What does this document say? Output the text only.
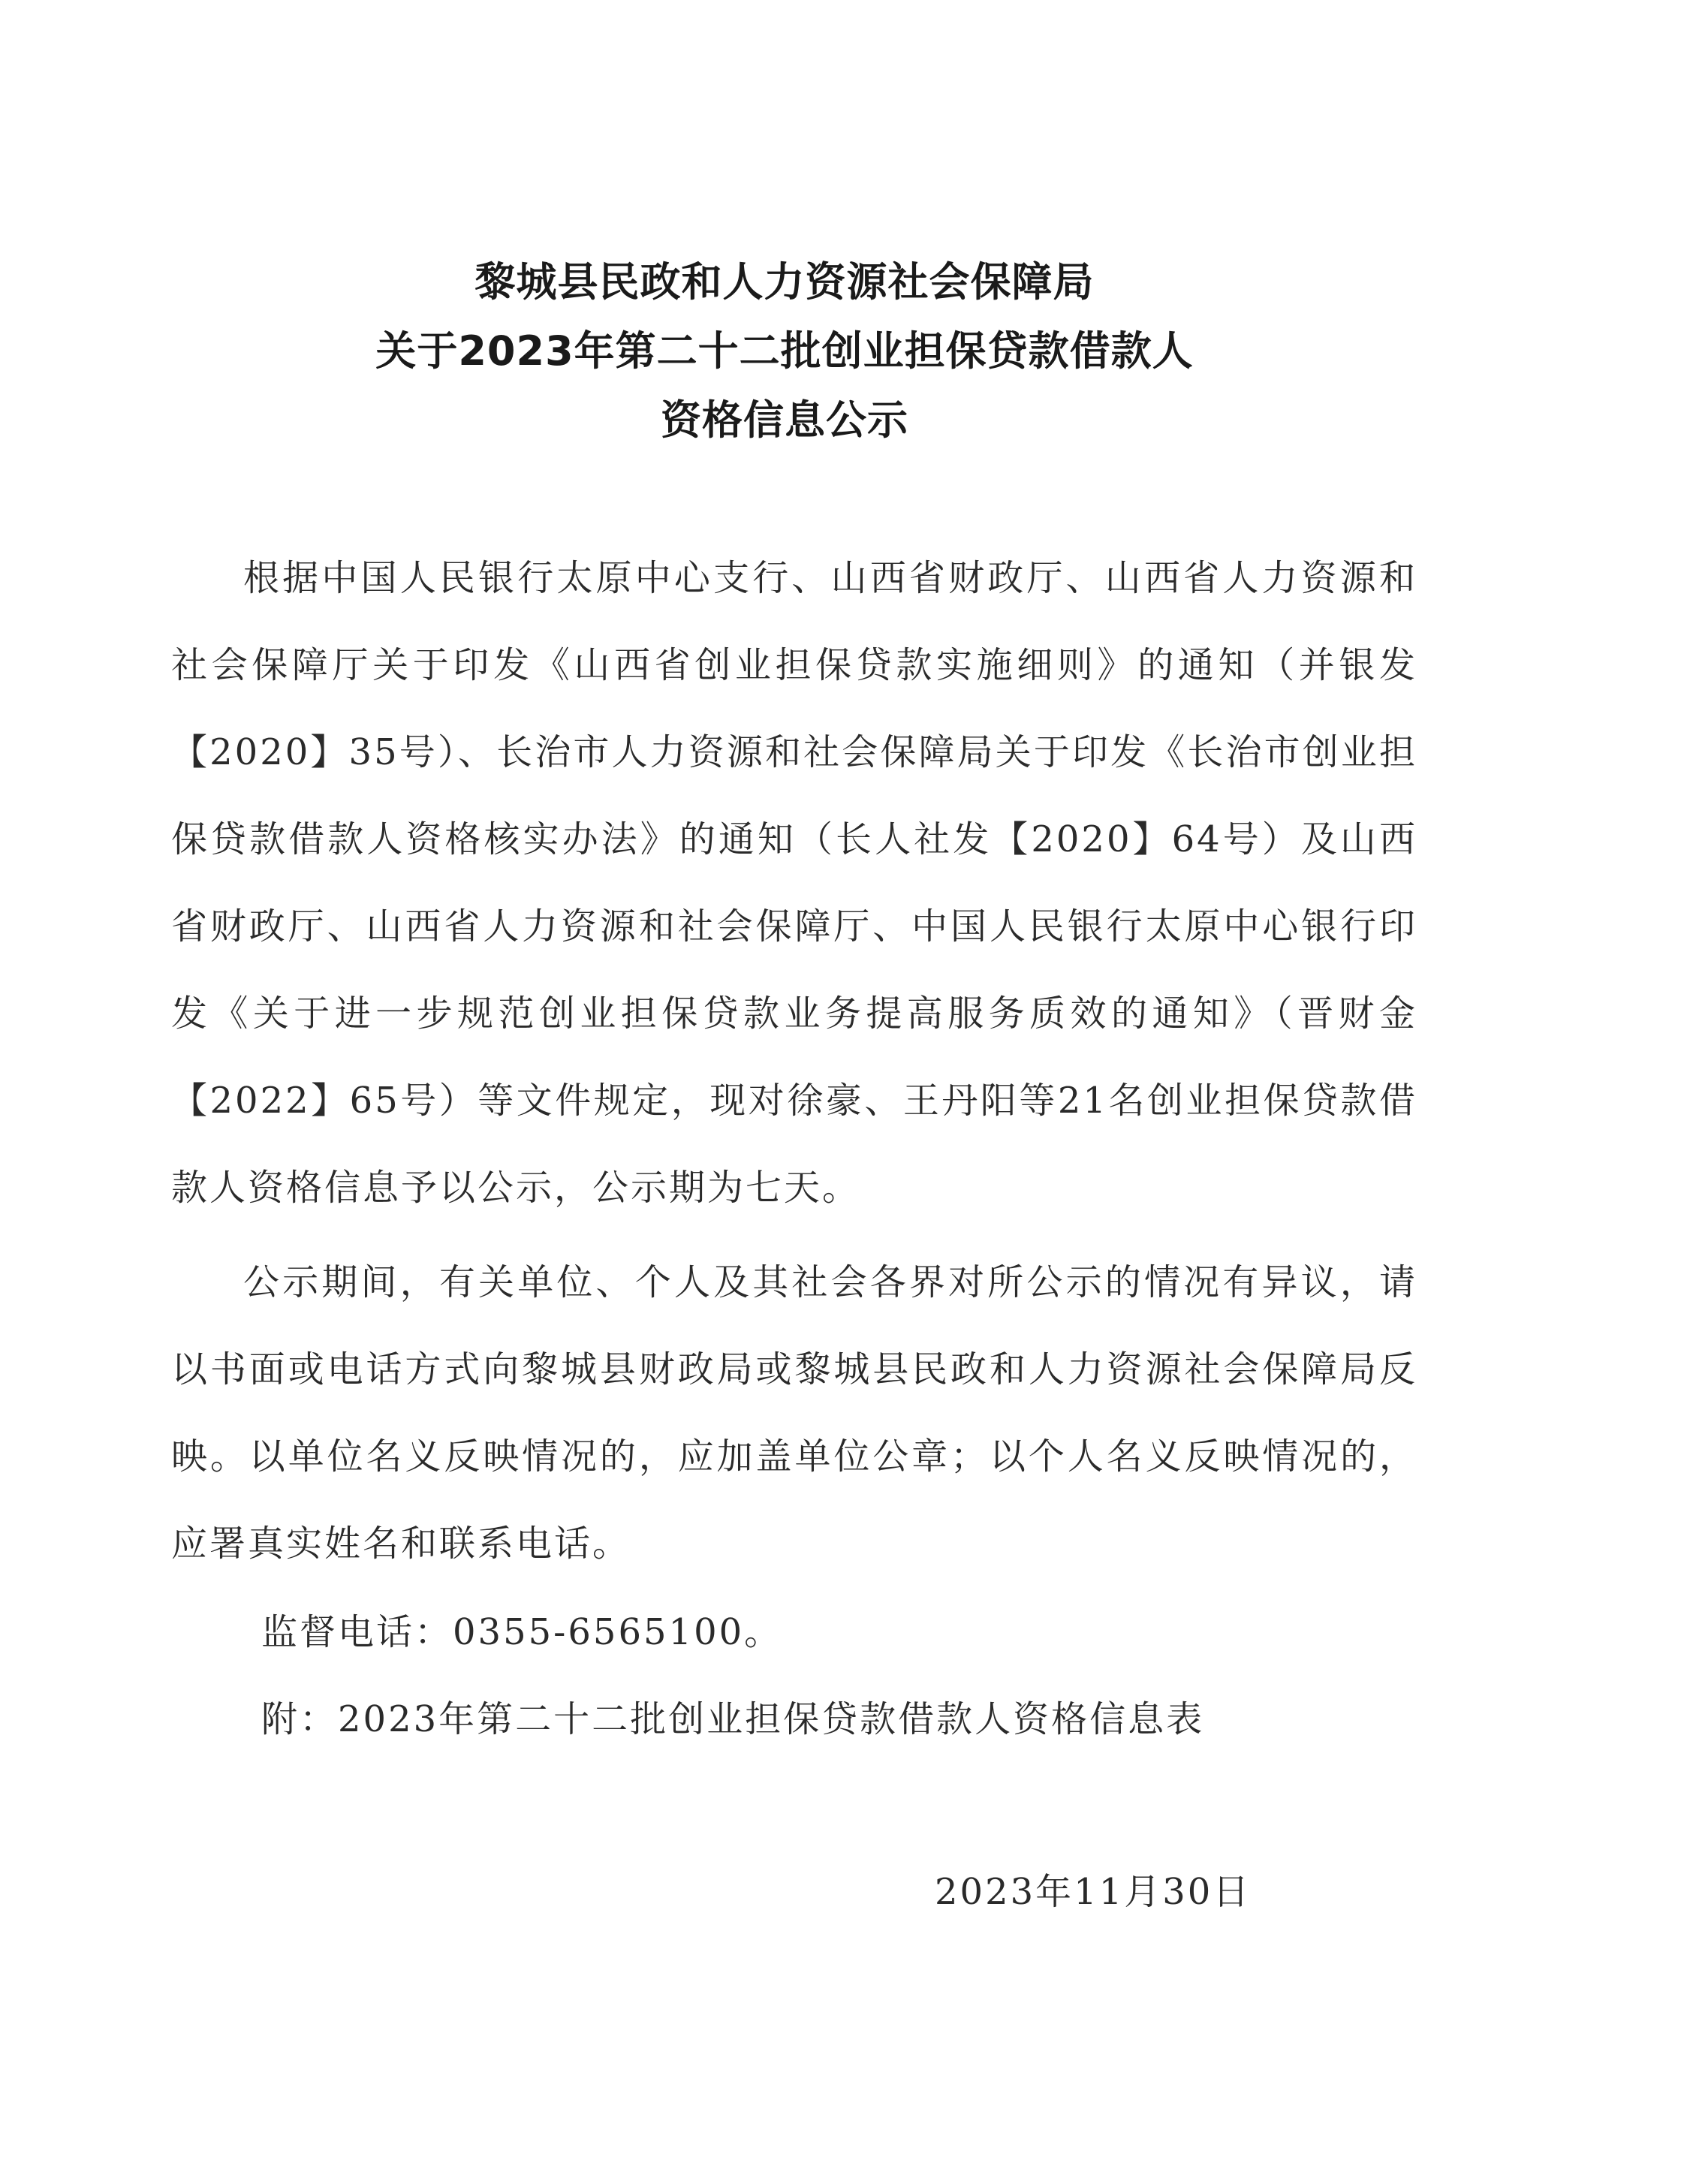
黎城县民政和人力资源社会保障局
关于2023年第二十二批创业担保贷款借款人
资格信息公示

根据中国人民银行太原中心支行、山西省财政厅、山西省人力资源和社会保障厅关于印发《山西省创业担保贷款实施细则》的通知（并银发【2020】35号）、长治市人力资源和社会保障局关于印发《长治市创业担保贷款借款人资格核实办法》的通知（长人社发【2020】64号）及山西省财政厅、山西省人力资源和社会保障厅、中国人民银行太原中心银行印发《关于进一步规范创业担保贷款业务提高服务质效的通知》（晋财金【2022】65号）等文件规定，现对徐豪、王丹阳等21名创业担保贷款借款人资格信息予以公示，公示期为七天。

公示期间，有关单位、个人及其社会各界对所公示的情况有异议，请以书面或电话方式向黎城县财政局或黎城县民政和人力资源社会保障局反映。以单位名义反映情况的，应加盖单位公章；以个人名义反映情况的，应署真实姓名和联系电话。

监督电话：0355-6565100。
附：2023年第二十二批创业担保贷款借款人资格信息表
2023年11月30日
